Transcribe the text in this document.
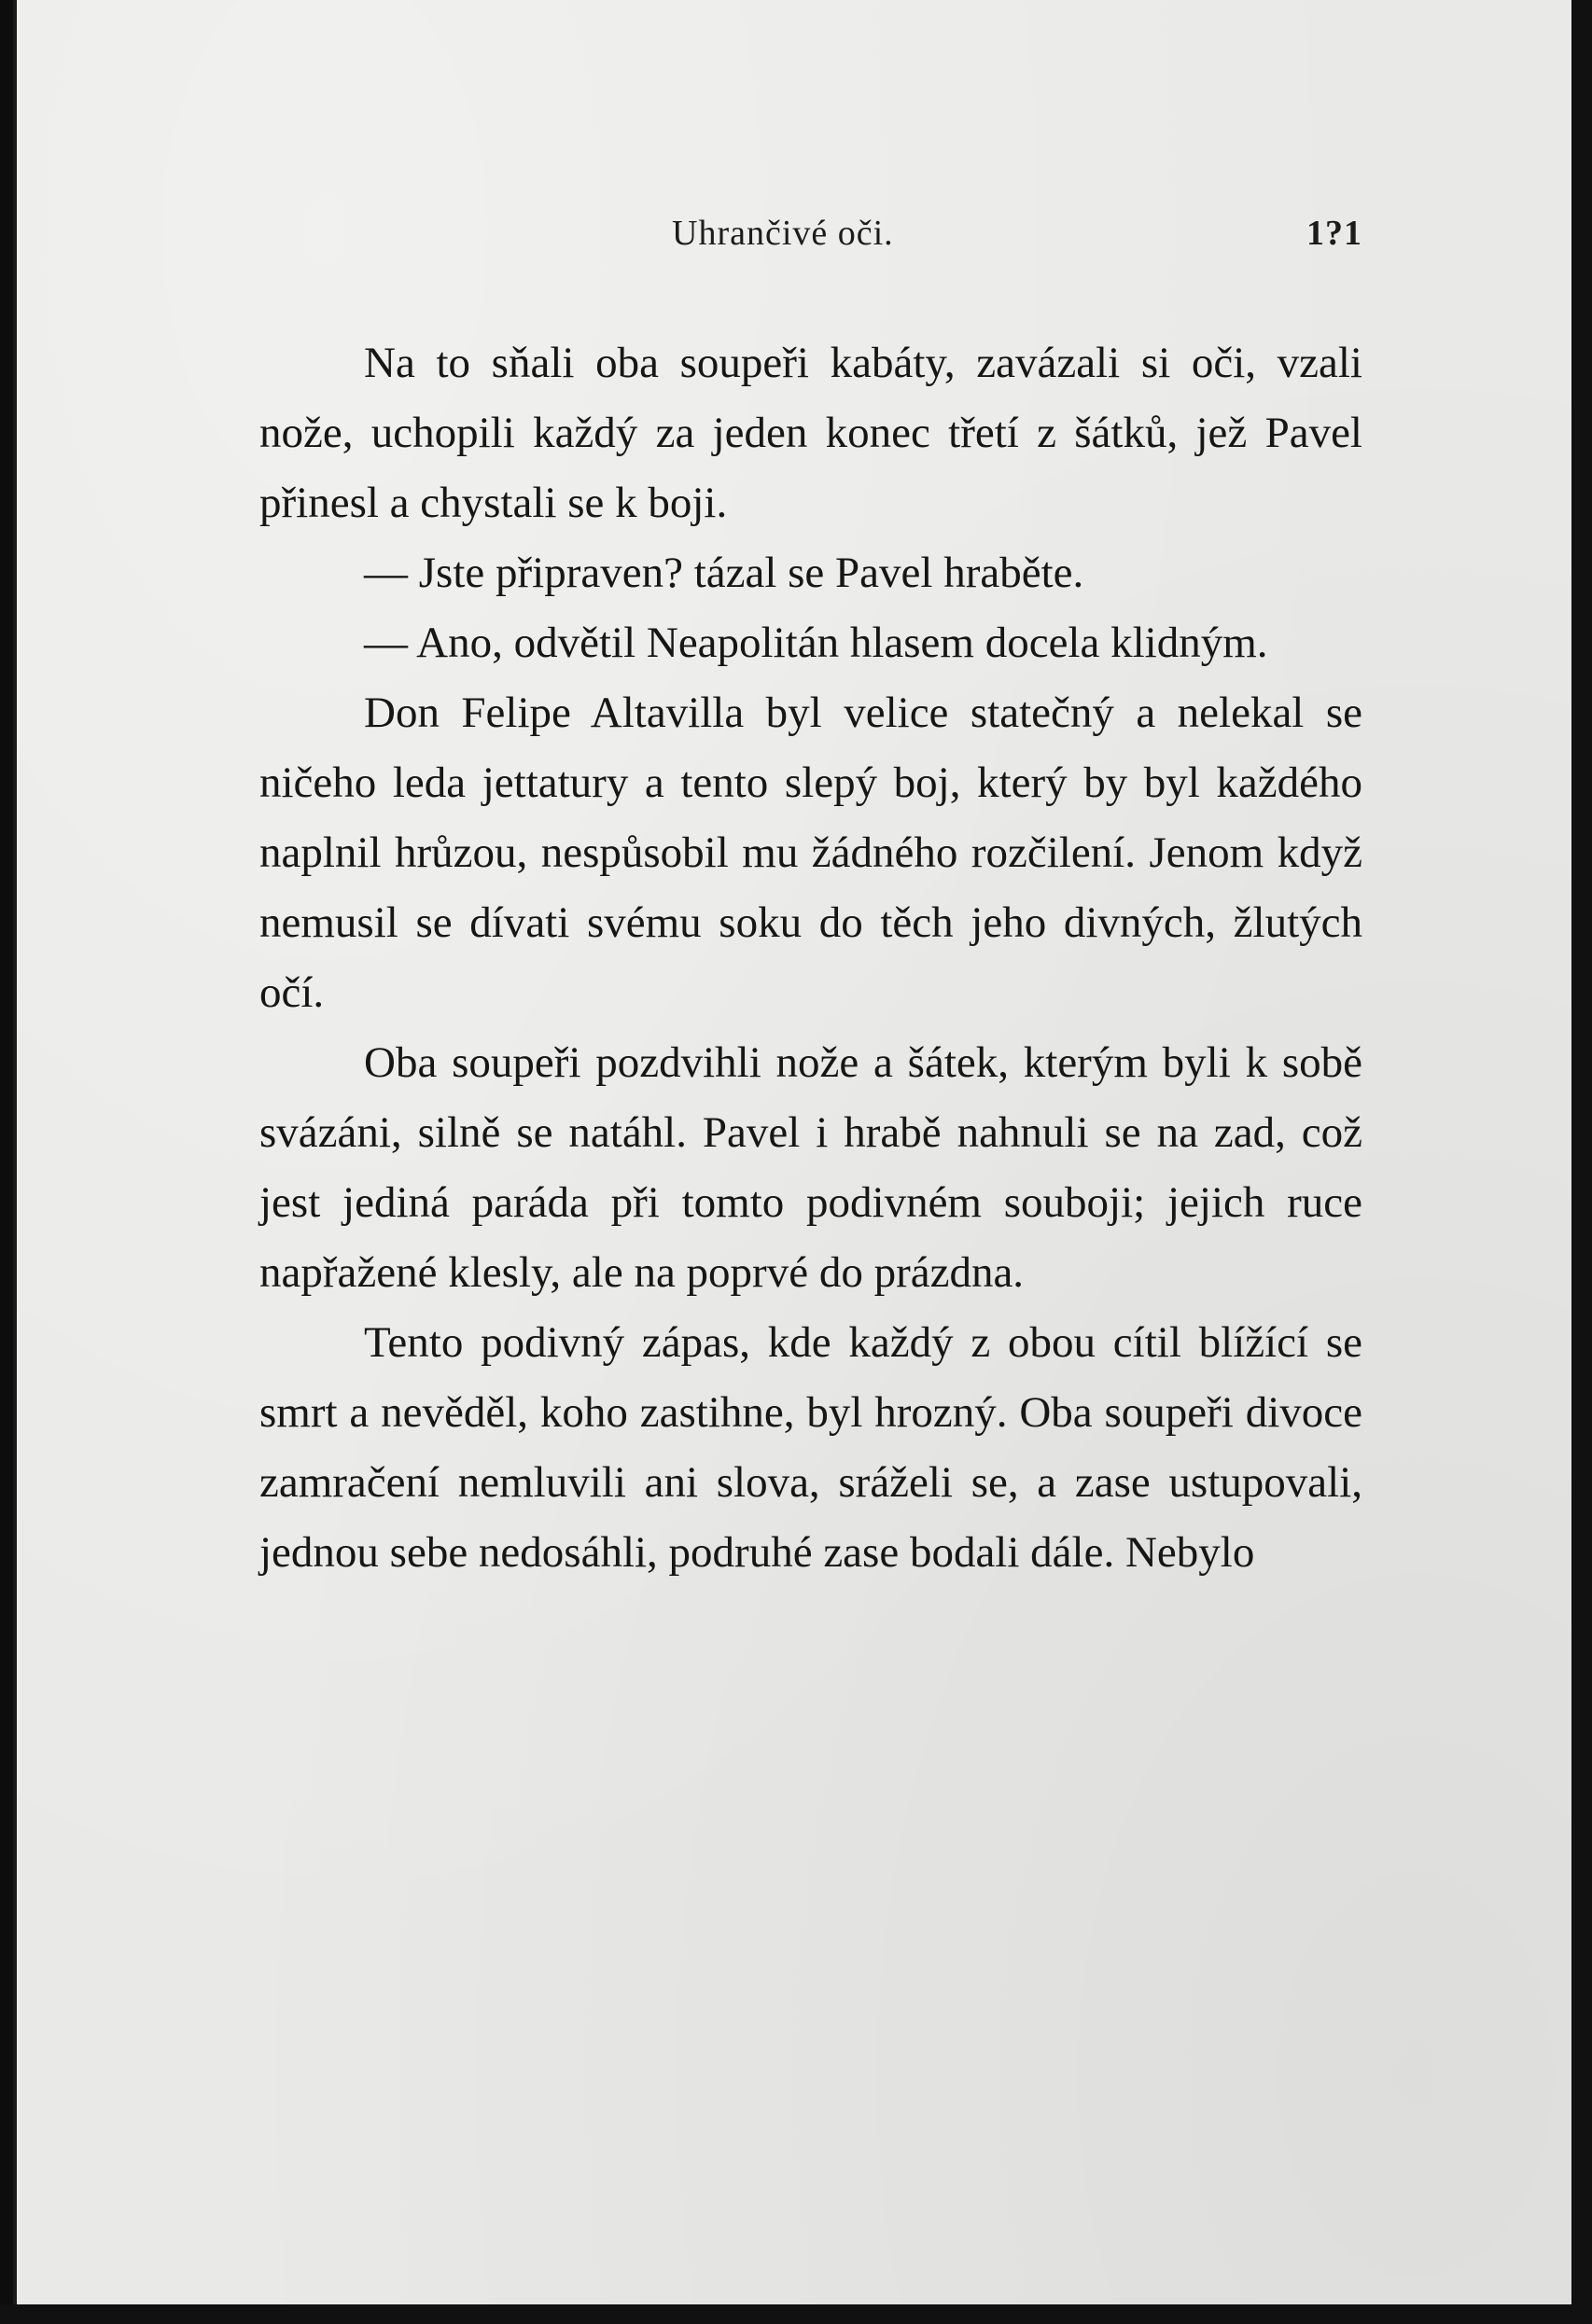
Uhrančivé oči.	1?1

Na to sňali oba soupeři kabáty, zavázali si oči, vzali nože, uchopili každý za jeden konec třetí z šátků, jež Pavel přinesl a chystali se k boji.

— Jste připraven? tázal se Pavel hraběte.

— Ano, odvětil Neapolitán hlasem docela klidným.

Don Felipe Altavilla byl velice statečný a nelekal se ničeho leda jettatury a tento slepý boj, který by byl každého naplnil hrůzou, nespůsobil mu žádného rozčilení. Jenom když nemusil se dívati svému soku do těch jeho divných, žlutých očí.

Oba soupeři pozdvihli nože a šátek, kterým byli k sobě svázáni, silně se natáhl. Pavel i hrabě nahnuli se na zad, což jest jediná paráda při tomto podivném souboji; jejich ruce napřažené klesly, ale na poprvé do prázdna.

Tento podivný zápas, kde každý z obou cítil blížící se smrt a nevěděl, koho zastihne, byl hrozný. Oba soupeři divoce zamračení nemluvili ani slova, sráželi se, a zase ustupovali, jednou sebe nedosáhli, podruhé zase bodali dále. Nebylo
